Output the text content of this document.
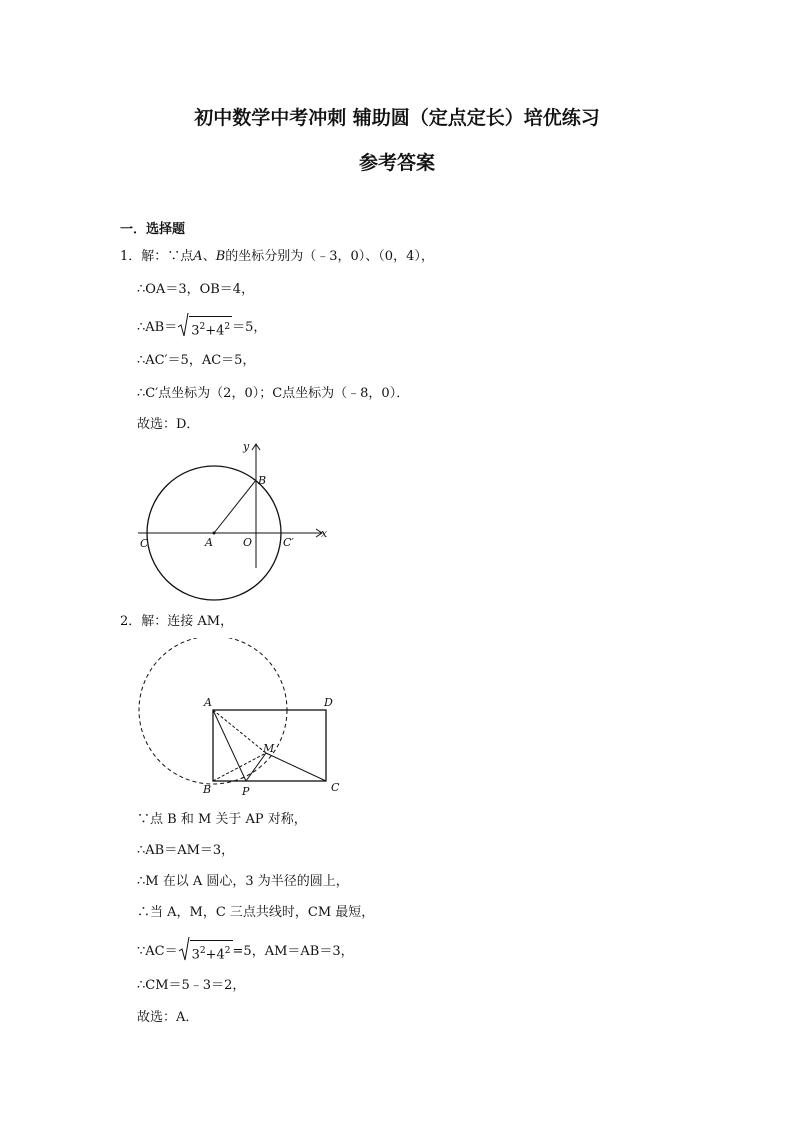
初中数学中考冲刺 辅助圆（定点定长）培优练习
参考答案
一．选择题
1．解：∵点A、B的坐标分别为（﹣3，0）、（0，4），
∴OA＝3，OB＝4，
∴AB＝ $3^2+4^2 =5$，
∴AC′＝5，AC＝5，
∴C′点坐标为（2，0）；C点坐标为（﹣8，0）．
故选：D．
y
x
B
C	A	O	C′
2．解：连接 AM，
A	D
M
B	P	C
∵点 B 和 M 关于 AP 对称，
∴AB＝AM＝3，
∴M 在以 A 圆心，3 为半径的圆上，
∴当 A，M，C 三点共线时，CM 最短，
∵AC＝ $3^2+4^2 =5$，AM＝AB＝3，
∴CM＝5﹣3＝2，
故选：A．
